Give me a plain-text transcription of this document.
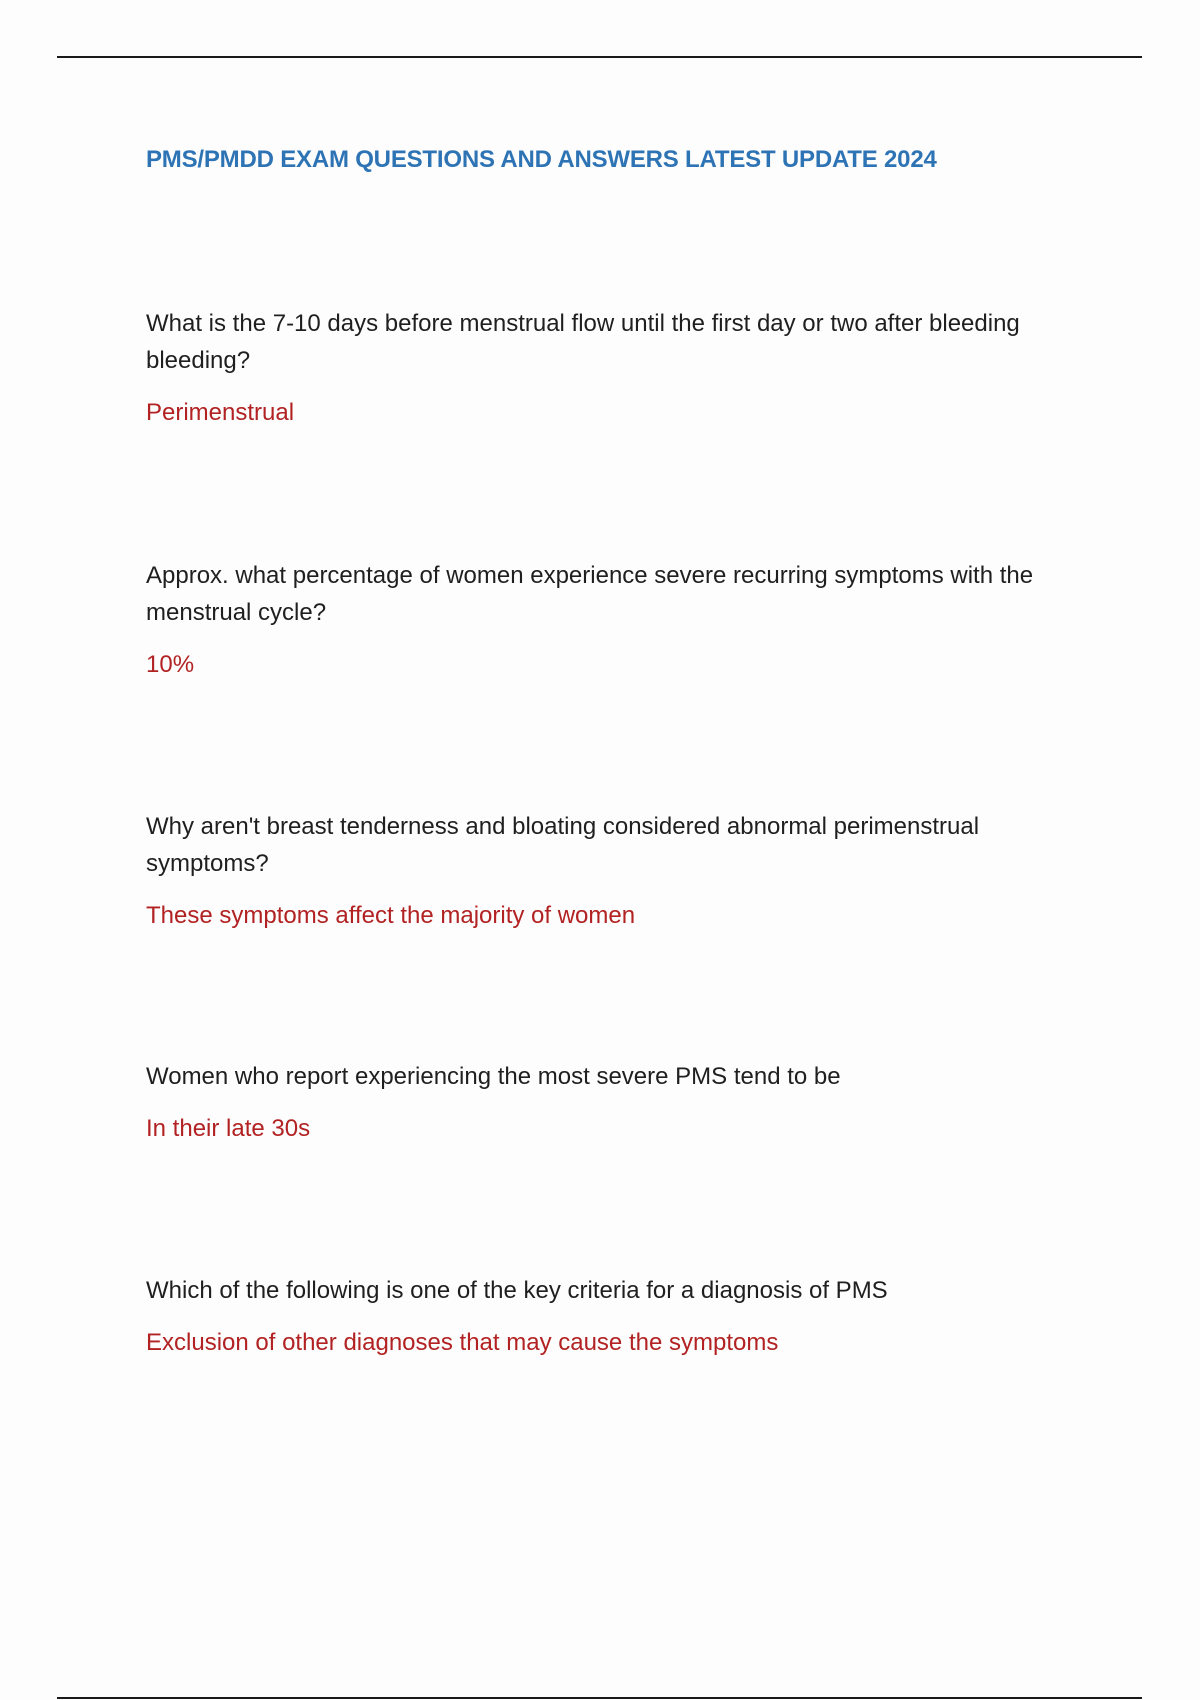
PMS/PMDD EXAM QUESTIONS AND ANSWERS LATEST UPDATE 2024

What is the 7-10 days before menstrual flow until the first day or two after bleeding bleeding?

Perimenstrual

Approx. what percentage of women experience severe recurring symptoms with the menstrual cycle?

10%

Why aren't breast tenderness and bloating considered abnormal perimenstrual symptoms?

These symptoms affect the majority of women

Women who report experiencing the most severe PMS tend to be

In their late 30s

Which of the following is one of the key criteria for a diagnosis of PMS

Exclusion of other diagnoses that may cause the symptoms
